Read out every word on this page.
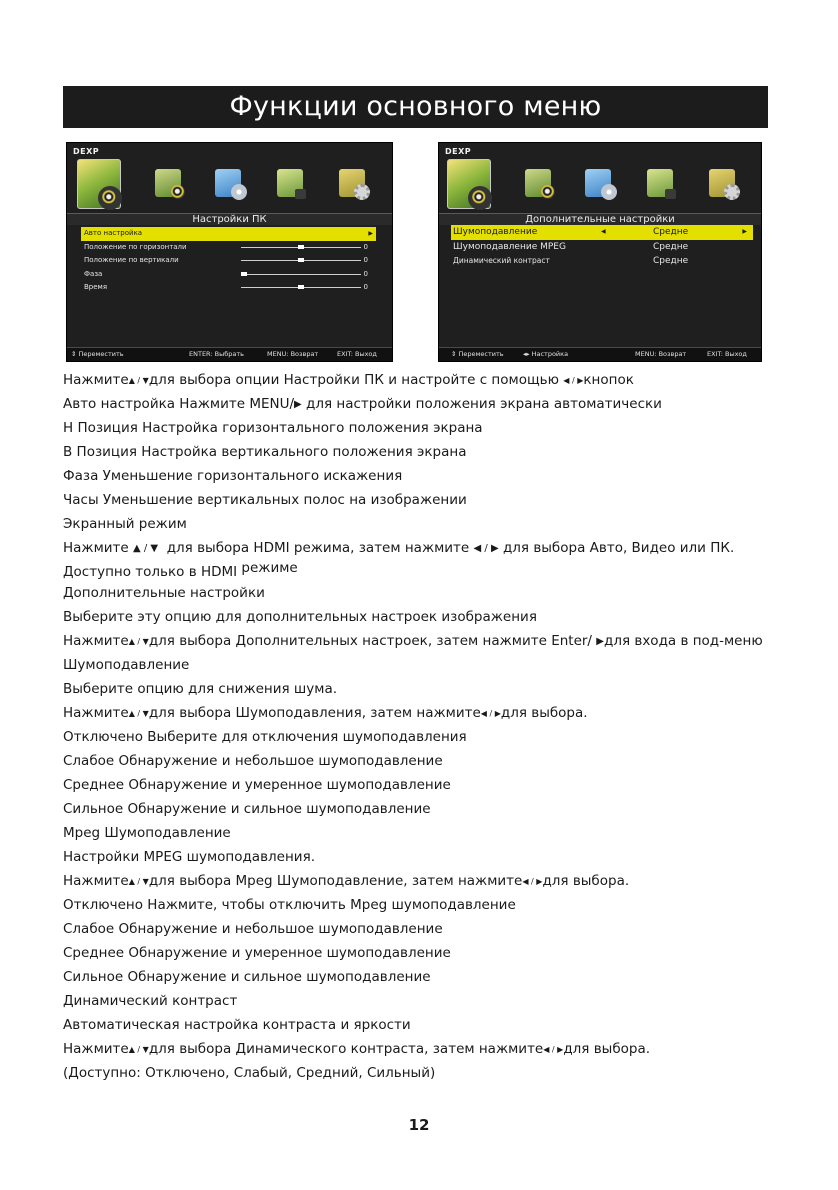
Функции основного меню
DEXP
Настройки ПК
Авто настройка	▶
Положение по горизонтали	0
Положение по вертикали	0
Фаза	0
Время	0
⇕ Переместить	ENTER: Выбрать	MENU: Возврат	EXIT: Выход
DEXP
Дополнительные настройки
Шумоподавление	◀	Средне	▶
Шумоподавление MPEG	Средне
Динамический контраст	Средне
⇕ Переместить	◂▸ Настройка	MENU: Возврат	EXIT: Выход
Нажмите▲ / ▼для выбора опции Настройки ПК и настройте с помощью ◀ / ▶кнопок
Авто настройка Нажмите MENU/▶ для настройки положения экрана автоматически
Н Позиция Настройка горизонтального положения экрана
В Позиция Настройка вертикального положения экрана
Фаза Уменьшение горизонтального искажения
Часы Уменьшение вертикальных полос на изображении
Экранный режим
Нажмите ▲ / ▼ для выбора HDMI режима, затем нажмите ◀ / ▶ для выбора Авто, Видео или ПК.
Доступно только в HDMI режиме
Дополнительные настройки
Выберите эту опцию для дополнительных настроек изображения
Нажмите▲ / ▼для выбора Дополнительных настроек, затем нажмите Enter/ ▶для входа в под-меню
Шумоподавление
Выберите опцию для снижения шума.
Нажмите▲ / ▼для выбора Шумоподавления, затем нажмите◀ / ▶для выбора.
Отключено Выберите для отключения шумоподавления
Слабое Обнаружение и небольшое шумоподавление
Среднее Обнаружение и умеренное шумоподавление
Сильное Обнаружение и сильное шумоподавление
Mpeg Шумоподавление
Настройки MPEG шумоподавления.
Нажмите▲ / ▼для выбора Mpeg Шумоподавление, затем нажмите◀ / ▶для выбора.
Отключено Нажмите, чтобы отключить Mpeg шумоподавление
Слабое Обнаружение и небольшое шумоподавление
Среднее Обнаружение и умеренное шумоподавление
Сильное Обнаружение и сильное шумоподавление
Динамический контраст
Автоматическая настройка контраста и яркости
Нажмите▲ / ▼для выбора Динамического контраста, затем нажмите◀ / ▶для выбора.
(Доступно: Отключено, Слабый, Средний, Сильный)
12
